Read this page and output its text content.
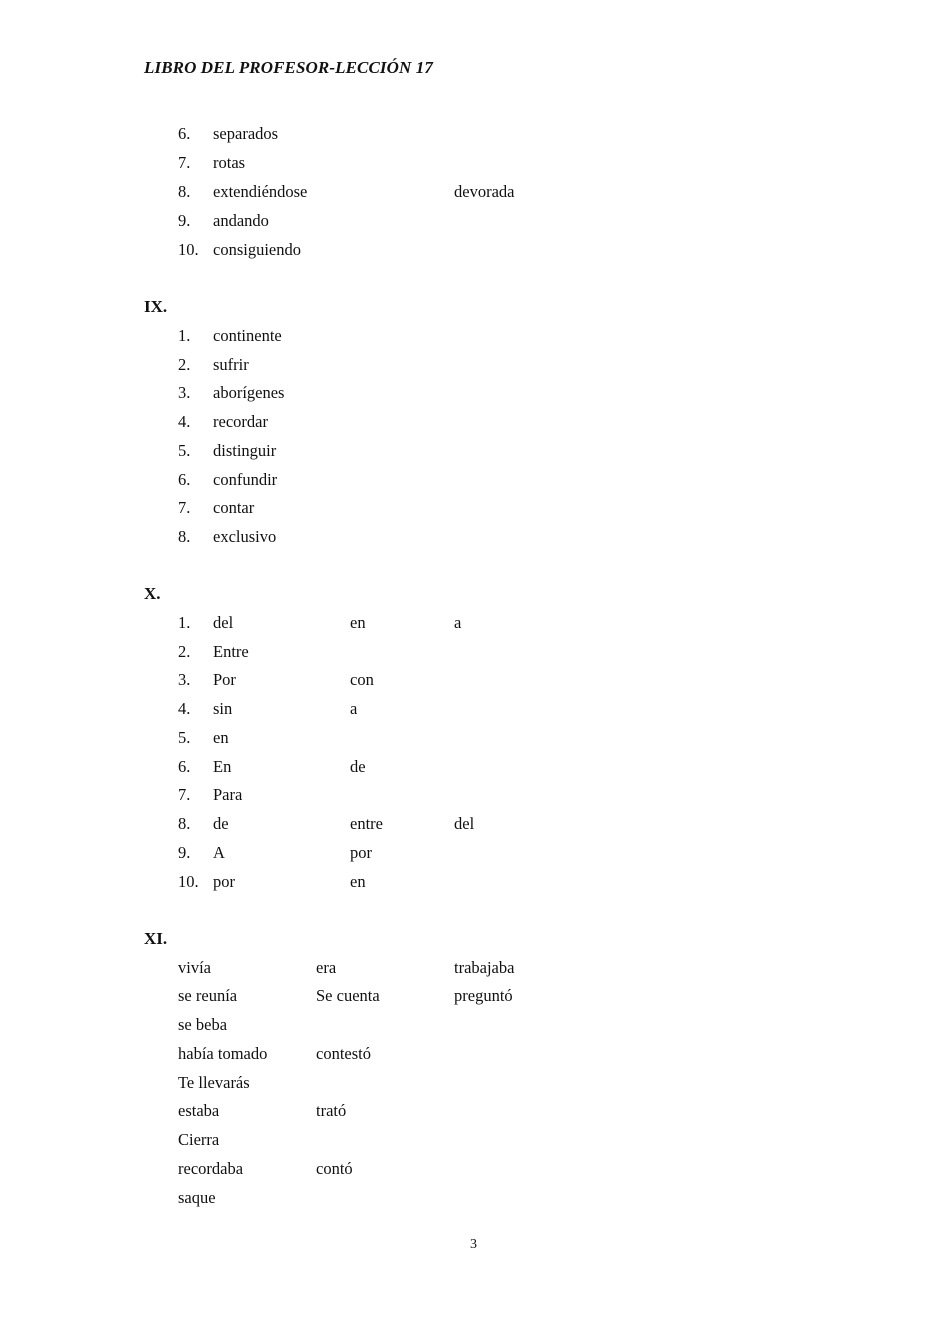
LIBRO DEL PROFESOR-LECCIÓN 17
6. separados
7. rotas
8. extendiéndose	devorada
9. andando
10. consiguiendo
IX.
1. continente
2. sufrir
3. aborígenes
4. recordar
5. distinguir
6. confundir
7. contar
8. exclusivo
X.
1. del	en	a
2. Entre
3. Por	con
4. sin	a
5. en
6. En	de
7. Para
8. de	entre	del
9. A	por
10. por	en
XI.
vivía	era	trabajaba
se reunía	Se cuenta	preguntó
se beba
había tomado	contestó
Te llevarás
estaba	trató
Cierra
recordaba	contó
saque
3
